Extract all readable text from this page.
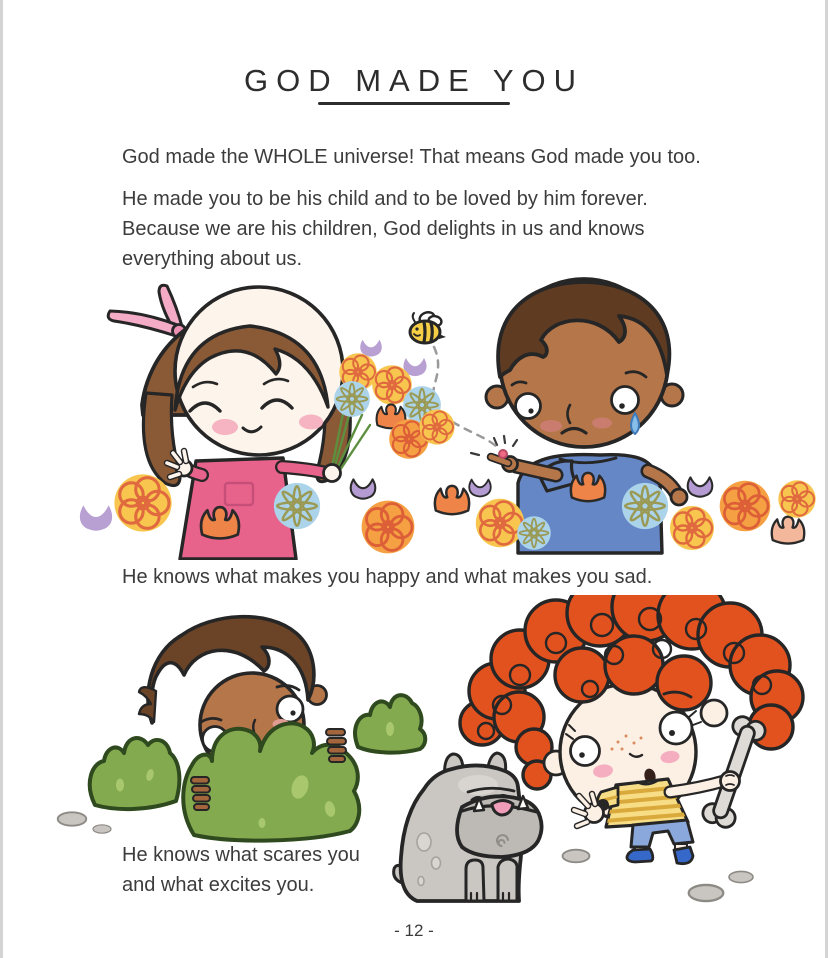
GOD MADE YOU
God made the WHOLE universe! That means God made you too.
He made you to be his child and to be loved by him forever. Because we are his children, God delights in us and knows everything about us.
He knows what makes you happy and what makes you sad.
He knows what scares you
and what excites you.
- 12 -
